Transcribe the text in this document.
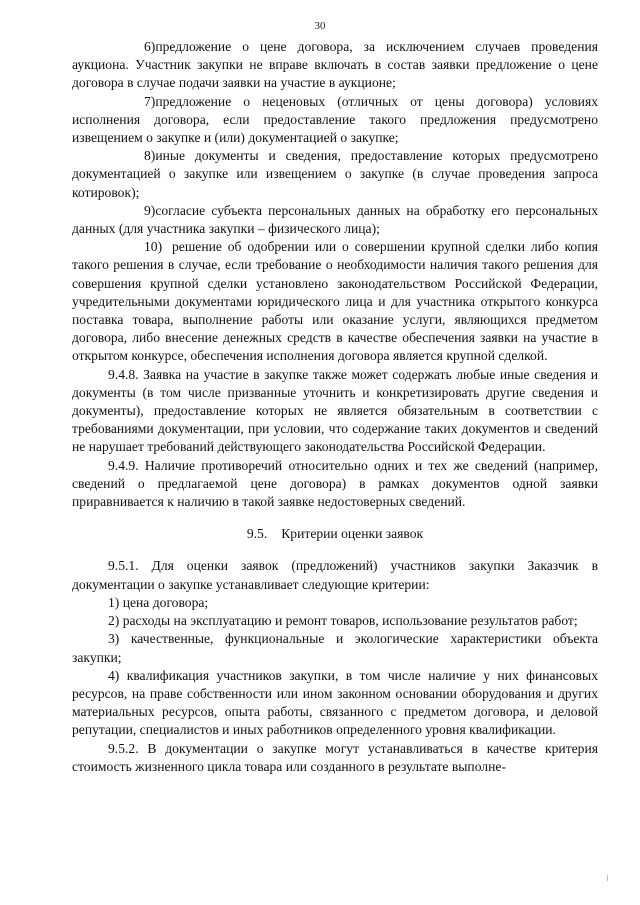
30

6)предложение о цене договора, за исключением случаев проведения аукциона. Участник закупки не вправе включать в состав заявки предложение о цене договора в случае подачи заявки на участие в аукционе;

7)предложение о неценовых (отличных от цены договора) условиях исполнения договора, если предоставление такого предложения предусмотрено извещением о закупке и (или) документацией о закупке;

8)иные документы и сведения, предоставление которых предусмотрено документацией о закупке или извещением о закупке (в случае проведения запроса котировок);

9)согласие субъекта персональных данных на обработку его персональных данных (для участника закупки – физического лица);

10) решение об одобрении или о совершении крупной сделки либо копия такого решения в случае, если требование о необходимости наличия такого решения для совершения крупной сделки установлено законодательством Российской Федерации, учредительными документами юридического лица и для участника открытого конкурса поставка товара, выполнение работы или оказание услуги, являющихся предметом договора, либо внесение денежных средств в качестве обеспечения заявки на участие в открытом конкурсе, обеспечения исполнения договора является крупной сделкой.

9.4.8. Заявка на участие в закупке также может содержать любые иные сведения и документы (в том числе призванные уточнить и конкретизировать другие сведения и документы), предоставление которых не является обязательным в соответствии с требованиями документации, при условии, что содержание таких документов и сведений не нарушает требований действующего законодательства Российской Федерации.

9.4.9. Наличие противоречий относительно одних и тех же сведений (например, сведений о предлагаемой цене договора) в рамках документов одной заявки приравнивается к наличию в такой заявке недостоверных сведений.

9.5. Критерии оценки заявок

9.5.1. Для оценки заявок (предложений) участников закупки Заказчик в документации о закупке устанавливает следующие критерии:

1) цена договора;

2) расходы на эксплуатацию и ремонт товаров, использование результатов работ;

3) качественные, функциональные и экологические характеристики объекта закупки;

4) квалификация участников закупки, в том числе наличие у них финансовых ресурсов, на праве собственности или ином законном основании оборудования и других материальных ресурсов, опыта работы, связанного с предметом договора, и деловой репутации, специалистов и иных работников определенного уровня квалификации.

9.5.2. В документации о закупке могут устанавливаться в качестве критерия стоимость жизненного цикла товара или созданного в результате выполне-
